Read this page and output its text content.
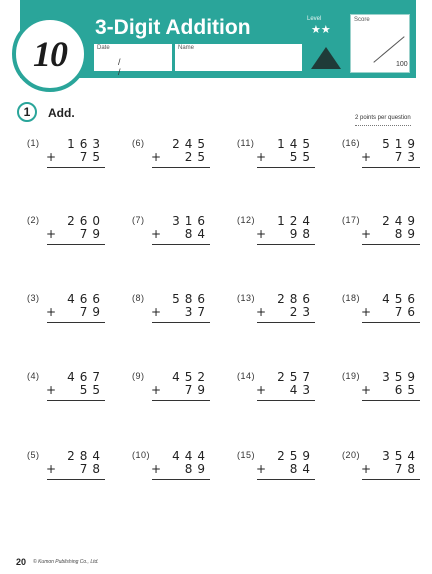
10
3-Digit Addition
Date
/ /
Name
Level
★★
Score
100
1	Add.	2 points per question
(1) 163
+ 75
(6) 245
+ 25
(11) 145
+ 55
(16) 519
+ 73
(2) 260
+ 79
(7) 316
+ 84
(12) 124
+ 98
(17) 249
+ 89
(3) 466
+ 79
(8) 586
+ 37
(13) 286
+ 23
(18) 456
+ 76
(4) 467
+ 55
(9) 452
+ 79
(14) 257
+ 43
(19) 359
+ 65
(5) 284
+ 78
(10) 444
+ 89
(15) 259
+ 84
(20) 354
+ 78
20 © Kumon Publishing Co., Ltd.
